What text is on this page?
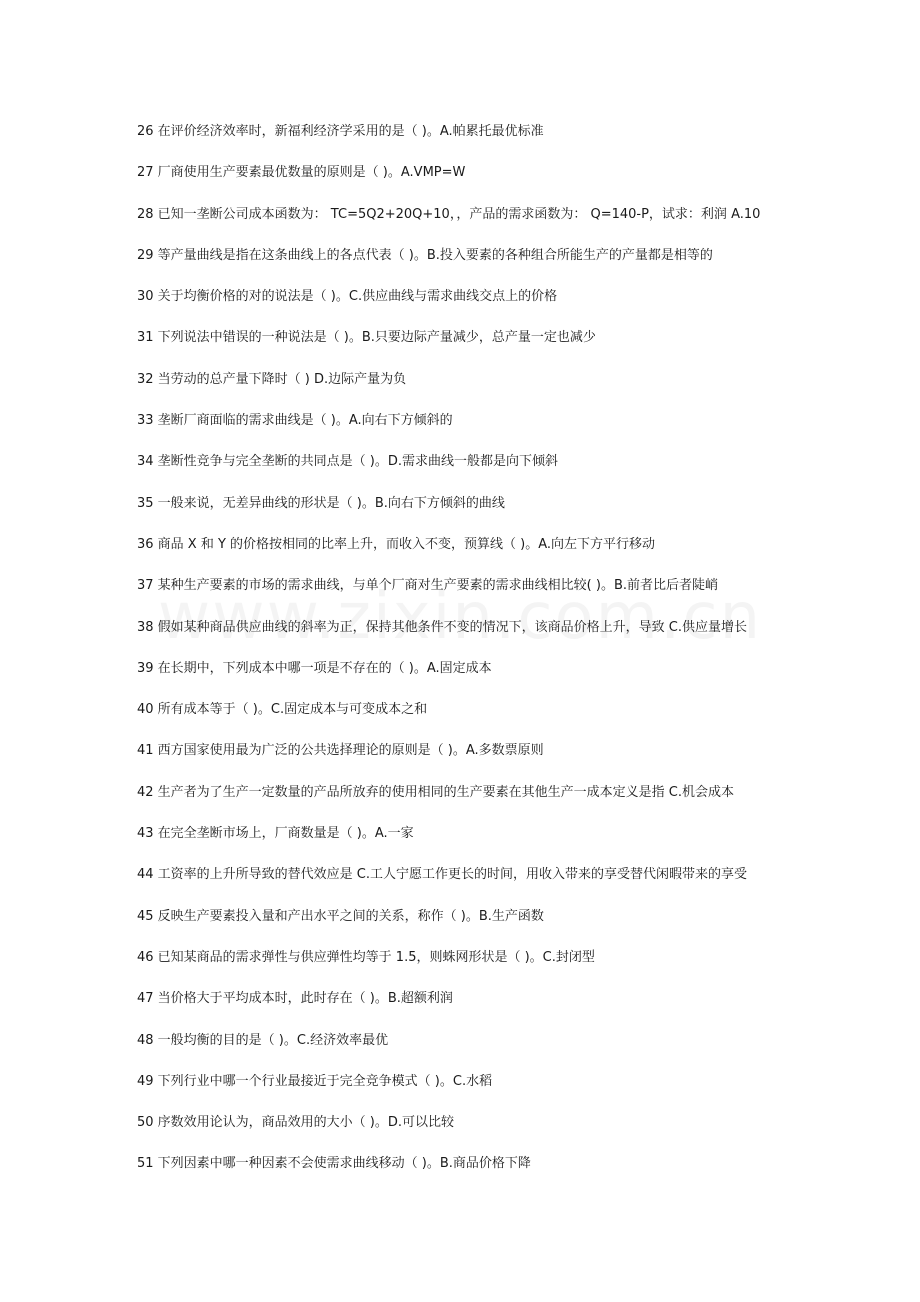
26 在评价经济效率时，新福利经济学采用的是（ )。A.帕累托最优标准
27 厂商使用生产要素最优数量的原则是（ )。A.VMP=W
28 已知一垄断公司成本函数为： TC=5Q2+20Q+10，，产品的需求函数为： Q=140-P，试求：利润 A.10
29 等产量曲线是指在这条曲线上的各点代表（ )。B.投入要素的各种组合所能生产的产量都是相等的
30 关于均衡价格的对的说法是（ )。C.供应曲线与需求曲线交点上的价格
31 下列说法中错误的一种说法是（ )。B.只要边际产量减少，总产量一定也减少
32 当劳动的总产量下降时（ ) D.边际产量为负
33 垄断厂商面临的需求曲线是（ )。A.向右下方倾斜的
34 垄断性竞争与完全垄断的共同点是（ )。D.需求曲线一般都是向下倾斜
35 一般来说，无差异曲线的形状是（ )。B.向右下方倾斜的曲线
36 商品 X 和 Y 的价格按相同的比率上升，而收入不变，预算线（ )。A.向左下方平行移动
37 某种生产要素的市场的需求曲线，与单个厂商对生产要素的需求曲线相比较( )。B.前者比后者陡峭
38 假如某种商品供应曲线的斜率为正，保持其他条件不变的情况下，该商品价格上升，导致 C.供应量增长
39 在长期中，下列成本中哪一项是不存在的（ )。A.固定成本
40 所有成本等于（ )。C.固定成本与可变成本之和
41 西方国家使用最为广泛的公共选择理论的原则是（ )。A.多数票原则
42 生产者为了生产一定数量的产品所放弃的使用相同的生产要素在其他生产一成本定义是指 C.机会成本
43 在完全垄断市场上，厂商数量是（ )。A.一家
44 工资率的上升所导致的替代效应是 C.工人宁愿工作更长的时间，用收入带来的享受替代闲暇带来的享受
45 反映生产要素投入量和产出水平之间的关系，称作（ )。B.生产函数
46 已知某商品的需求弹性与供应弹性均等于 1.5，则蛛网形状是（ )。C.封闭型
47 当价格大于平均成本时，此时存在（ )。B.超额利润
48 一般均衡的目的是（ )。C.经济效率最优
49 下列行业中哪一个行业最接近于完全竞争模式（ )。C.水稻
50 序数效用论认为，商品效用的大小（ )。D.可以比较
51 下列因素中哪一种因素不会使需求曲线移动（ )。B.商品价格下降
